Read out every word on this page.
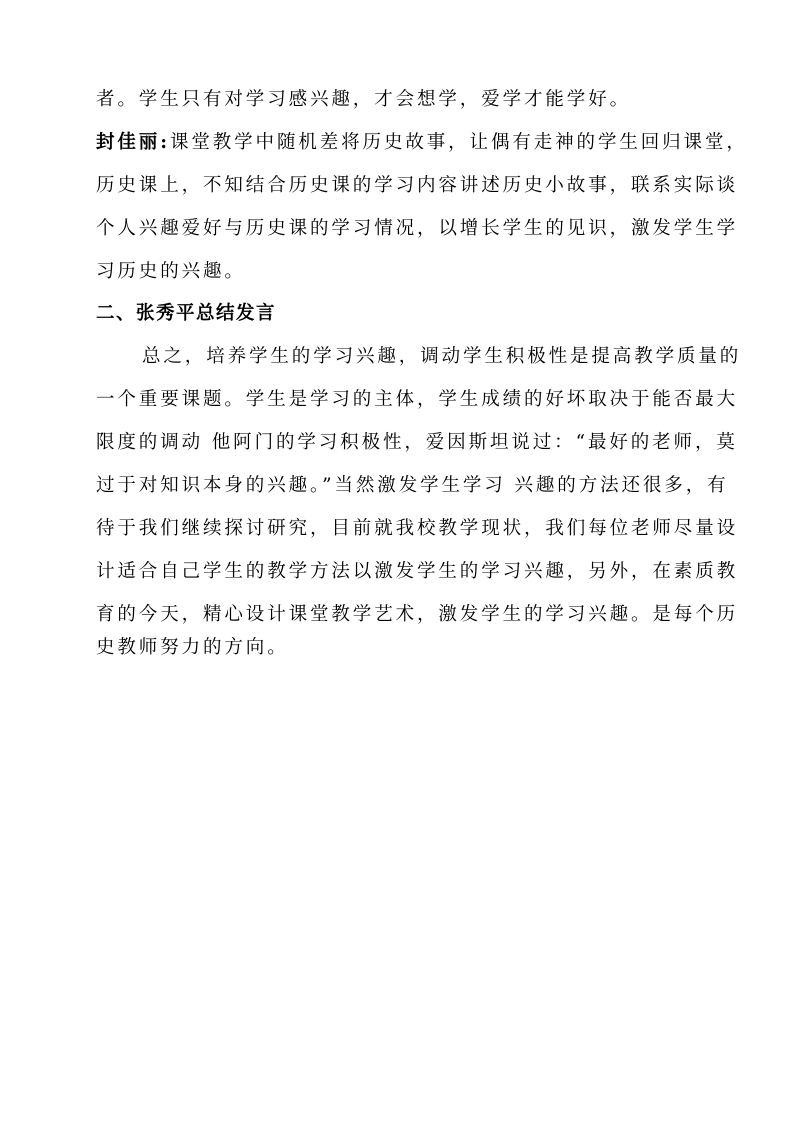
者。学生只有对学习感兴趣，才会想学，爱学才能学好。
封佳丽:课堂教学中随机差将历史故事，让偶有走神的学生回归课堂，
历史课上，不知结合历史课的学习内容讲述历史小故事，联系实际谈
个人兴趣爱好与历史课的学习情况，以增长学生的见识，激发学生学
习历史的兴趣。
二、张秀平总结发言
总之，培养学生的学习兴趣，调动学生积极性是提高教学质量的
一个重要课题。学生是学习的主体，学生成绩的好坏取决于能否最大
限度的调动 他阿门的学习积极性，爱因斯坦说过：“最好的老师，莫
过于对知识本身的兴趣。”当然激发学生学习 兴趣的方法还很多，有
待于我们继续探讨研究，目前就我校教学现状，我们每位老师尽量设
计适合自己学生的教学方法以激发学生的学习兴趣，另外，在素质教
育的今天，精心设计课堂教学艺术，激发学生的学习兴趣。是每个历
史教师努力的方向。
